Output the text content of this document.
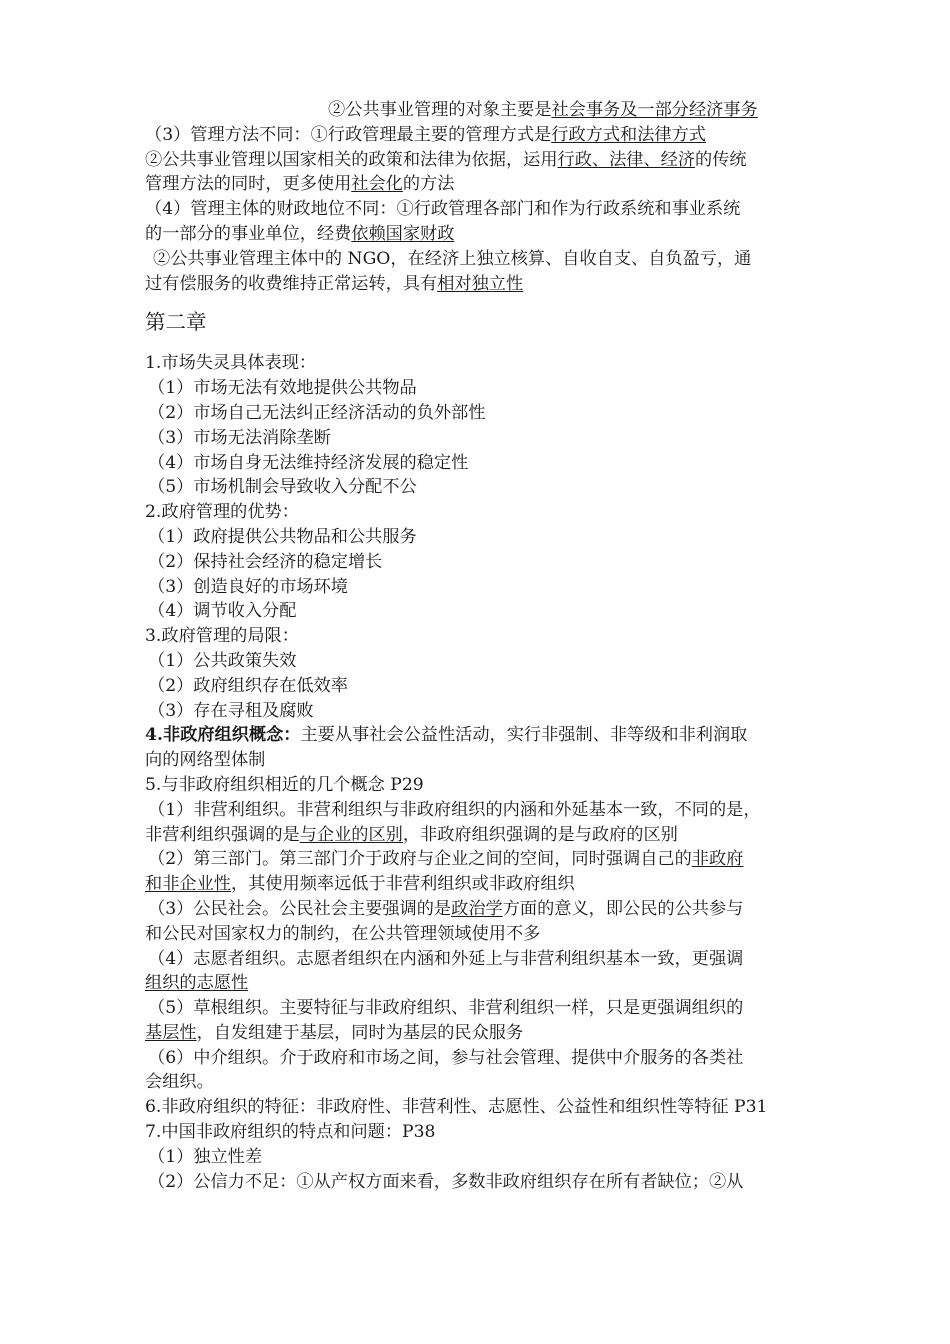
②公共事业管理的对象主要是社会事务及一部分经济事务
（3）管理方法不同：①行政管理最主要的管理方式是行政方式和法律方式
②公共事业管理以国家相关的政策和法律为依据，运用行政、法律、经济的传统
管理方法的同时，更多使用社会化的方法
（4）管理主体的财政地位不同：①行政管理各部门和作为行政系统和事业系统
的一部分的事业单位，经费依赖国家财政
②公共事业管理主体中的 NGO，在经济上独立核算、自收自支、自负盈亏，通
过有偿服务的收费维持正常运转，具有相对独立性
第二章
1.市场失灵具体表现：
（1）市场无法有效地提供公共物品
（2）市场自己无法纠正经济活动的负外部性
（3）市场无法消除垄断
（4）市场自身无法维持经济发展的稳定性
（5）市场机制会导致收入分配不公
2.政府管理的优势：
（1）政府提供公共物品和公共服务
（2）保持社会经济的稳定增长
（3）创造良好的市场环境
（4）调节收入分配
3.政府管理的局限：
（1）公共政策失效
（2）政府组织存在低效率
（3）存在寻租及腐败
4.非政府组织概念：主要从事社会公益性活动，实行非强制、非等级和非利润取
向的网络型体制
5.与非政府组织相近的几个概念 P29
（1）非营利组织。非营利组织与非政府组织的内涵和外延基本一致，不同的是，
非营利组织强调的是与企业的区别，非政府组织强调的是与政府的区别
（2）第三部门。第三部门介于政府与企业之间的空间，同时强调自己的非政府
和非企业性，其使用频率远低于非营利组织或非政府组织
（3）公民社会。公民社会主要强调的是政治学方面的意义，即公民的公共参与
和公民对国家权力的制约，在公共管理领域使用不多
（4）志愿者组织。志愿者组织在内涵和外延上与非营利组织基本一致，更强调
组织的志愿性
（5）草根组织。主要特征与非政府组织、非营利组织一样，只是更强调组织的
基层性，自发组建于基层，同时为基层的民众服务
（6）中介组织。介于政府和市场之间，参与社会管理、提供中介服务的各类社
会组织。
6.非政府组织的特征：非政府性、非营利性、志愿性、公益性和组织性等特征 P31
7.中国非政府组织的特点和问题：P38
（1）独立性差
（2）公信力不足：①从产权方面来看，多数非政府组织存在所有者缺位；②从
